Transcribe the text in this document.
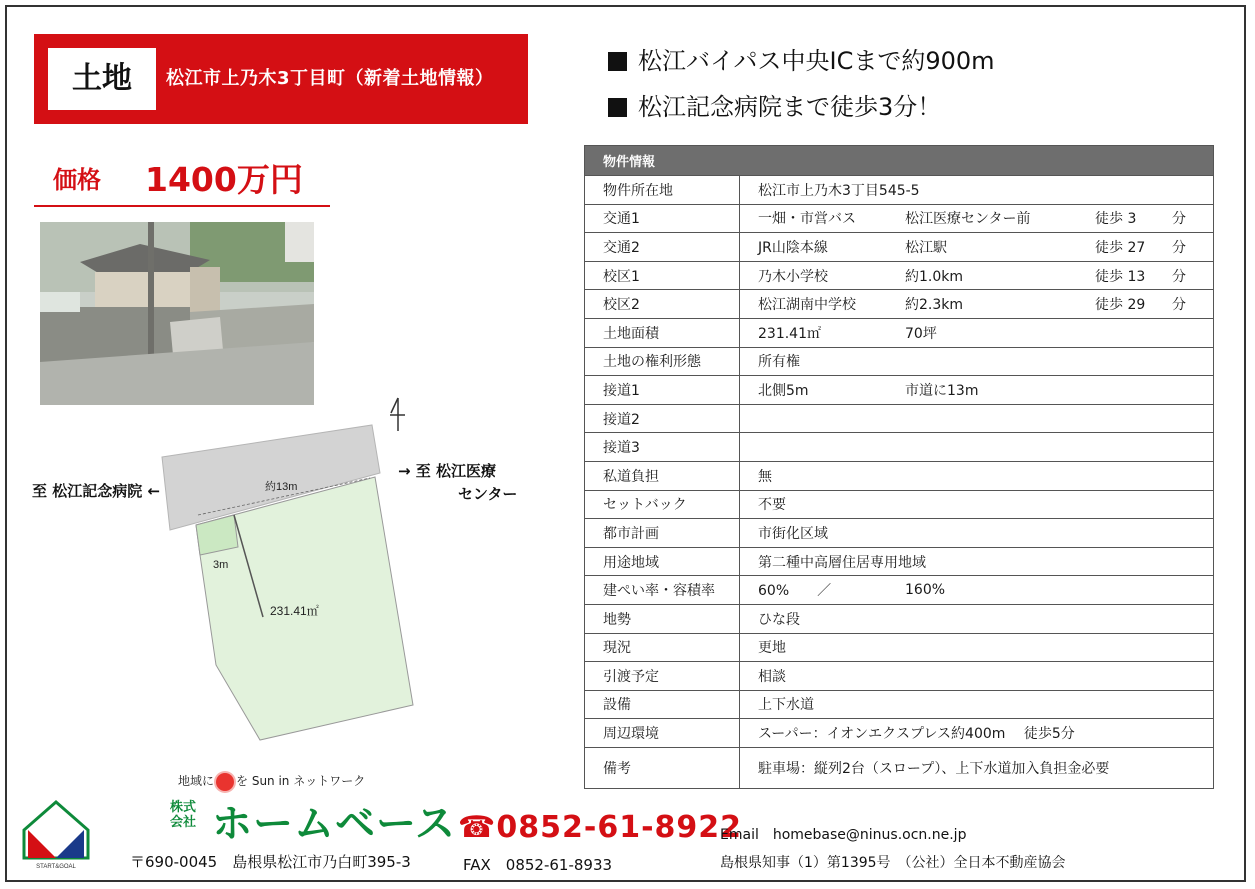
土地	松江市上乃木3丁目町（新着土地情報）
価格 1400万円
松江バイパス中央ICまで約900m
松江記念病院まで徒歩3分！
物件情報	
物件所在地	松江市上乃木3丁目545-5

交通1	一畑・市営バス 松江医療センター前 徒歩 3 分

交通2	JR山陰本線 松江駅 徒歩 27 分

校区1	乃木小学校 約1.0km 徒歩 13 分

校区2	松江湖南中学校 約2.3km 徒歩 29 分

土地面積	231.41㎡ 70坪

土地の権利形態	所有権

接道1	北側5m 市道に13m

接道2	

接道3	

私道負担	無

セットバック	不要

都市計画	市街化区域

用途地域	第二種中高層住居専用地域

建ぺい率・容積率	60%　　／ 160%

地勢	ひな段

現況	更地

引渡予定	相談

設備	上下水道

周辺環境	スーパー：イオンエクスプレス約400m　 徒歩5分

備考	駐車場：縦列2台（スロープ）、上下水道加入負担金必要
約13m
3m
231.41㎡
至 松江記念病院 ←
→ 至 松江医療
センター
地域に を Sun in ネットワーク
START&GOAL
株式
会社 ホームベース
〒690-0045　島根県松江市乃白町395-3
☎0852-61-8922
FAX　0852-61-8933
Email　homebase@ninus.ocn.ne.jp
島根県知事（1）第1395号　（公社）全日本不動産協会
